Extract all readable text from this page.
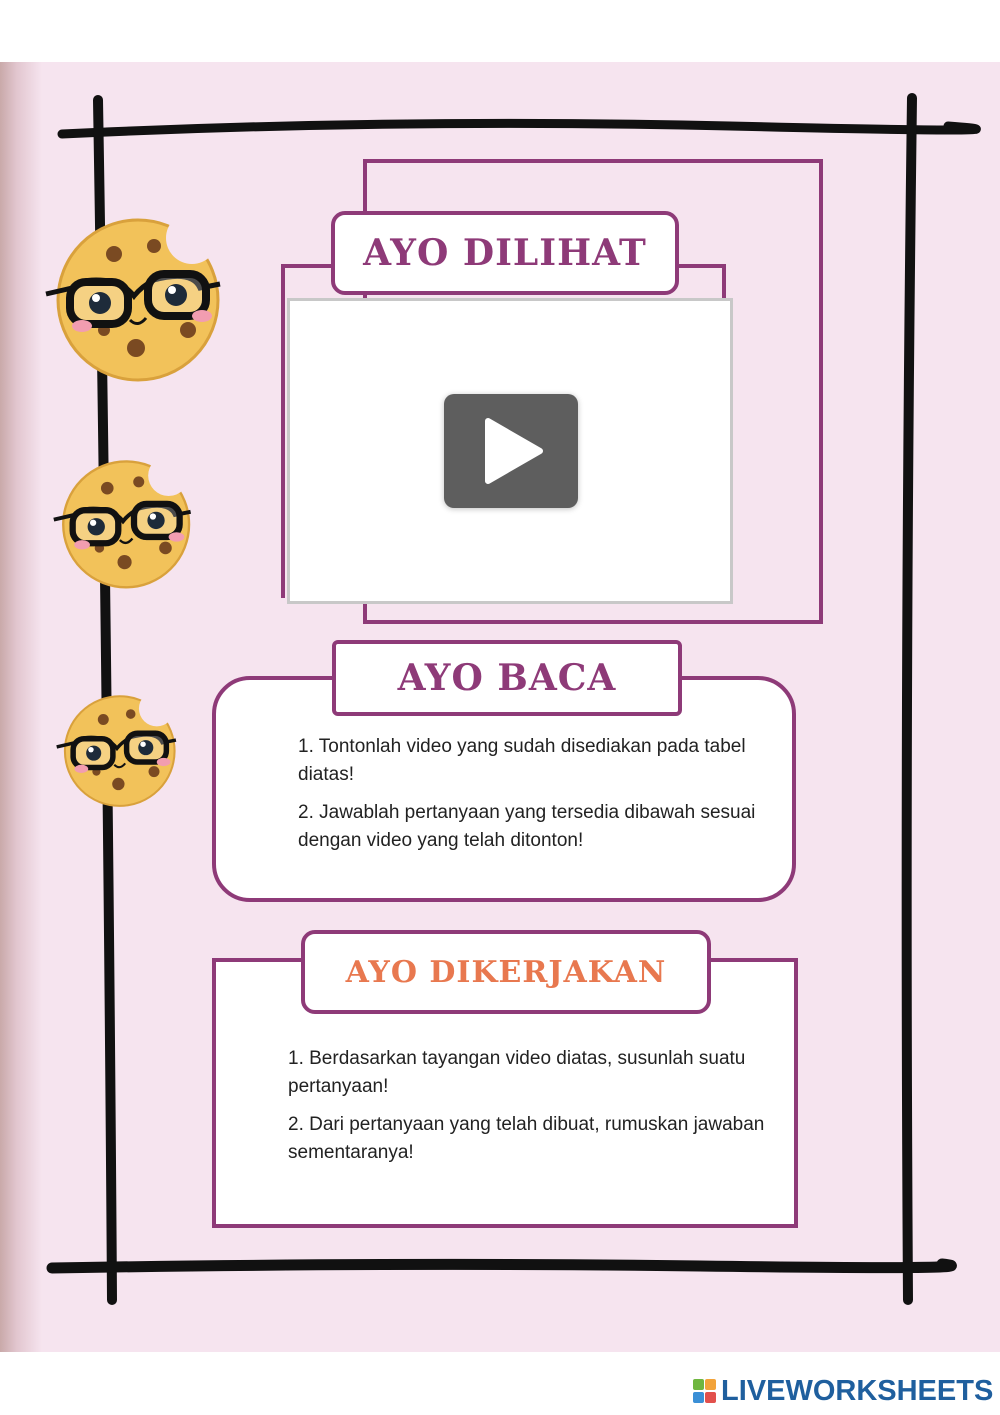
AYO DILIHAT
AYO BACA

1. Tontonlah video yang sudah disediakan pada tabel diatas!

2. Jawablah pertanyaan yang tersedia dibawah sesuai dengan video yang telah ditonton!

AYO DIKERJAKAN

1. Berdasarkan tayangan video diatas, susunlah suatu pertanyaan!

2. Dari pertanyaan yang telah dibuat, rumuskan jawaban sementaranya!

LIVEWORKSHEETS
